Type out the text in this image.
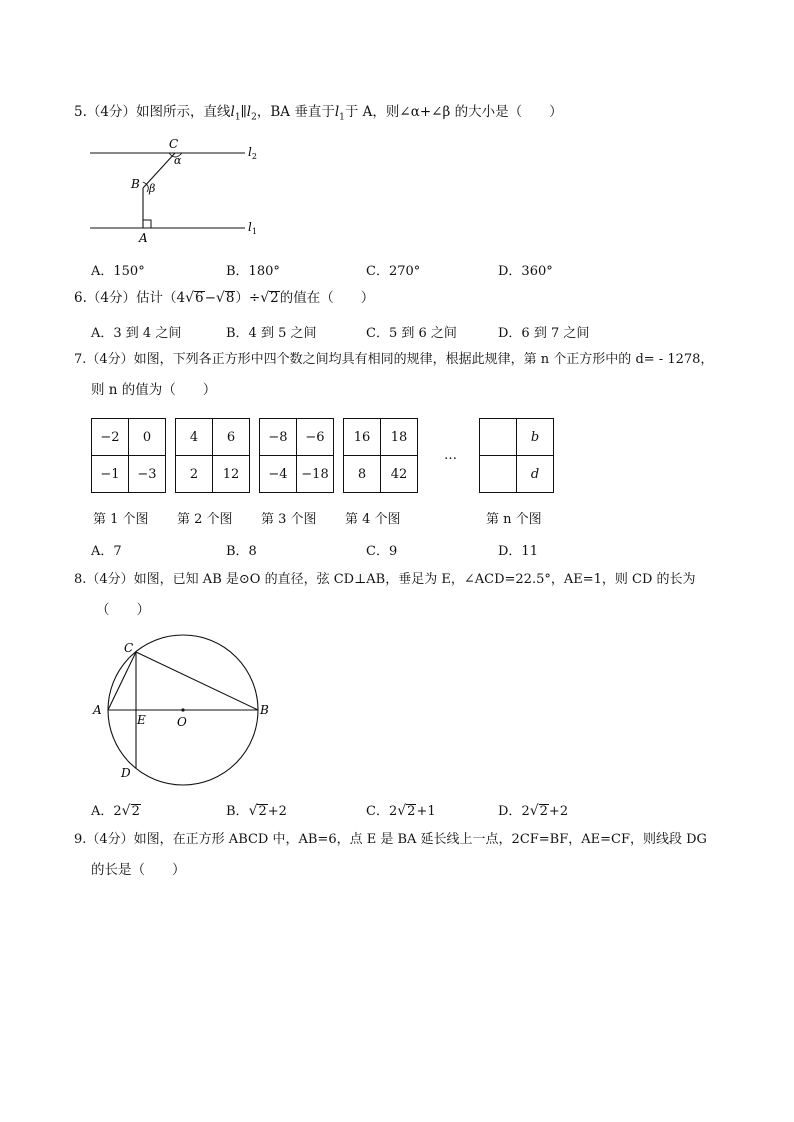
5.（4分）如图所示，直线$l_1\parallel l_2$，BA 垂直于$l_1$于 A，则∠α+∠β 的大小是（　　）
C
α
B β
A
$l_2$
$l_1$
A．150°	B．180°	C．270°	D．360°
6.（4分）估计（4√6−√8）÷√2的值在（　　）
A．3 到 4 之间	B．4 到 5 之间	C．5 到 6 之间	D．6 到 7 之间
7.（4分）如图，下列各正方形中四个数之间均具有相同的规律，根据此规律，第 n 个正方形中的 d= - 1278，
则 n 的值为（　　）
−2	0
−1	−3
4	6
2	12
−8	−6
−4	−18
16	18
8	42
…
	b
	d
第 1 个图 第 2 个图 第 3 个图 第 4 个图	第 n 个图
A．7	B．8	C．9	D．11
8.（4分）如图，已知 AB 是⊙O 的直径，弦 CD⊥AB，垂足为 E，∠ACD=22.5°，AE=1，则 CD 的长为
（　　）
C
A
E	O
B
D
A．2√2	B．√2+2	C．2√2+1	D．2√2+2
9.（4分）如图，在正方形 ABCD 中，AB=6，点 E 是 BA 延长线上一点，2CF=BF，AE=CF，则线段 DG
的长是（　　）
